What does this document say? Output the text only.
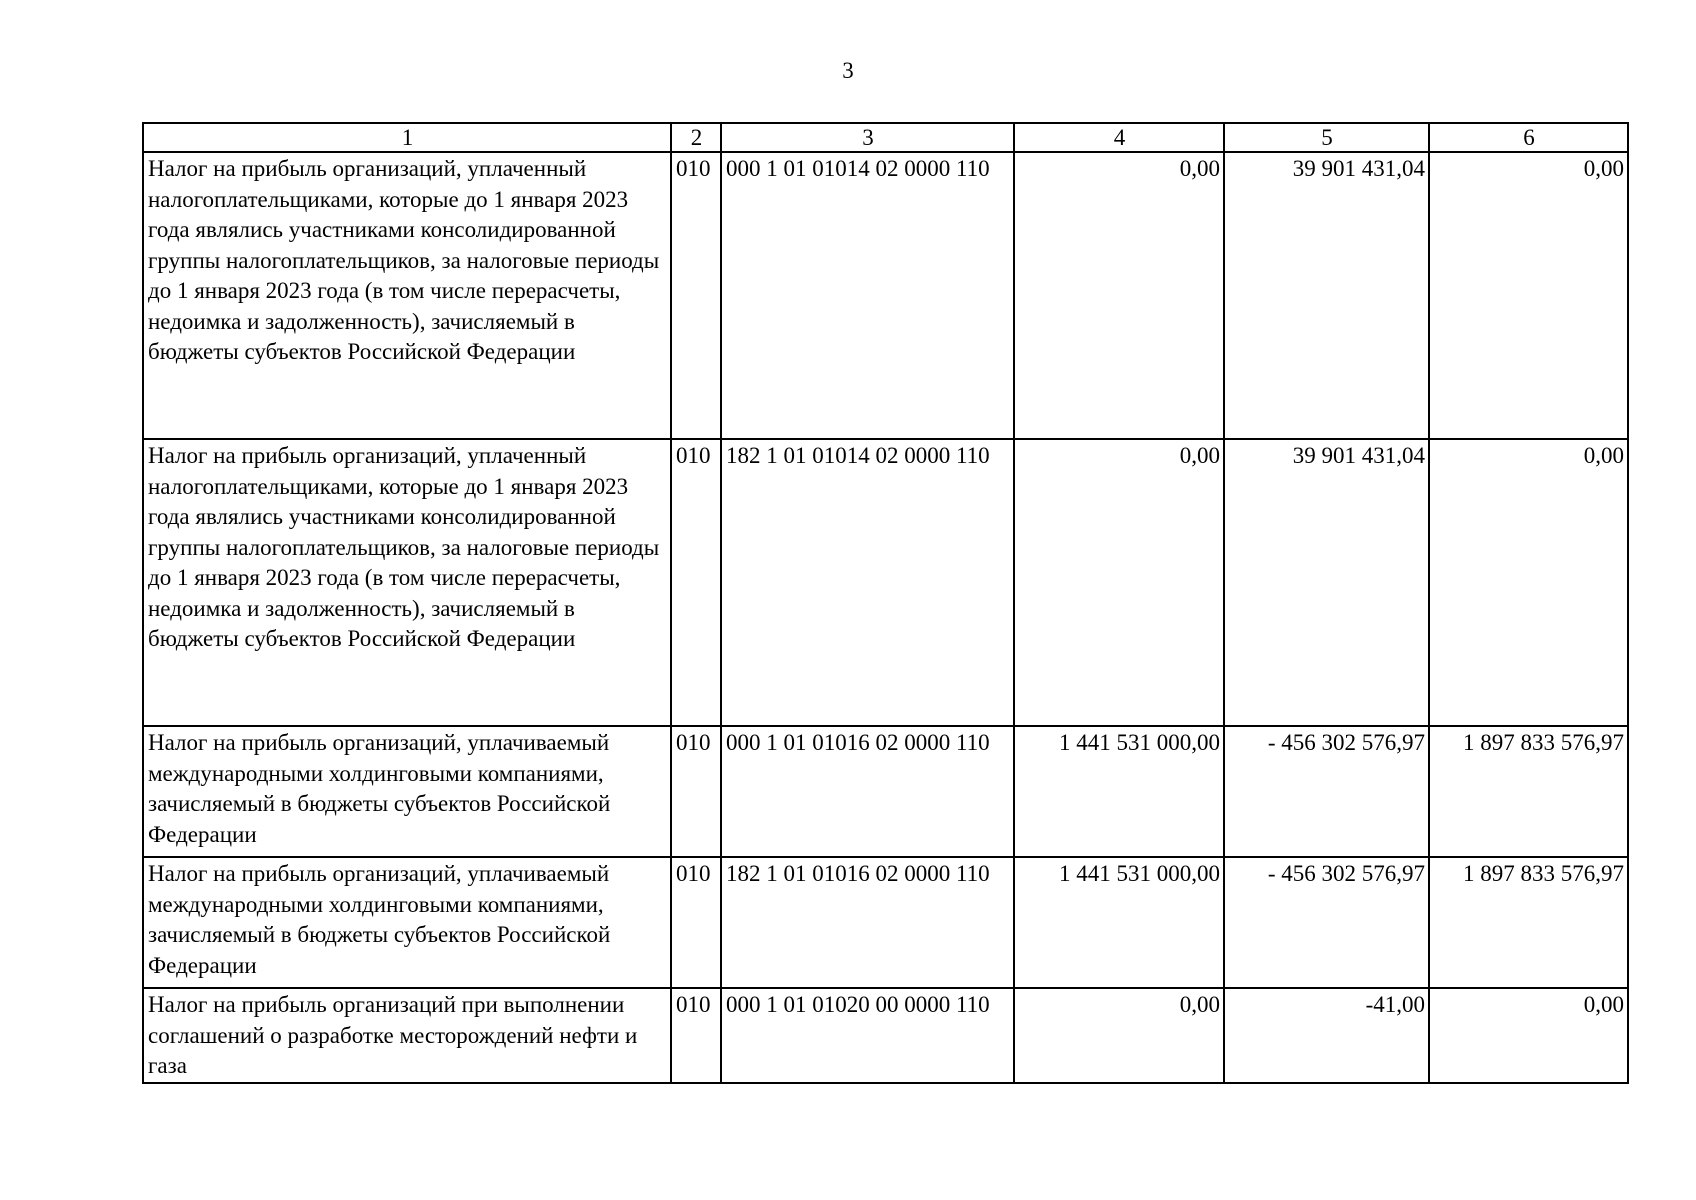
3
1	2	3	4	5	6
Налог на прибыль организаций, уплаченный налогоплательщиками, которые до 1 января 2023 года являлись участниками консолидированной группы налогоплательщиков, за налоговые периоды до 1 января 2023 года (в том числе перерасчеты, недоимка и задолженность), зачисляемый в бюджеты субъектов Российской Федерации	010	000 1 01 01014 02 0000 110	0,00	39 901 431,04	0,00
Налог на прибыль организаций, уплаченный налогоплательщиками, которые до 1 января 2023 года являлись участниками консолидированной группы налогоплательщиков, за налоговые периоды до 1 января 2023 года (в том числе перерасчеты, недоимка и задолженность), зачисляемый в бюджеты субъектов Российской Федерации	010	182 1 01 01014 02 0000 110	0,00	39 901 431,04	0,00
Налог на прибыль организаций, уплачиваемый международными холдинговыми компаниями, зачисляемый в бюджеты субъектов Российской Федерации	010	000 1 01 01016 02 0000 110	1 441 531 000,00	- 456 302 576,97	1 897 833 576,97
Налог на прибыль организаций, уплачиваемый международными холдинговыми компаниями, зачисляемый в бюджеты субъектов Российской Федерации	010	182 1 01 01016 02 0000 110	1 441 531 000,00	- 456 302 576,97	1 897 833 576,97
Налог на прибыль организаций при выполнении соглашений о разработке месторождений нефти и газа	010	000 1 01 01020 00 0000 110	0,00	-41,00	0,00
